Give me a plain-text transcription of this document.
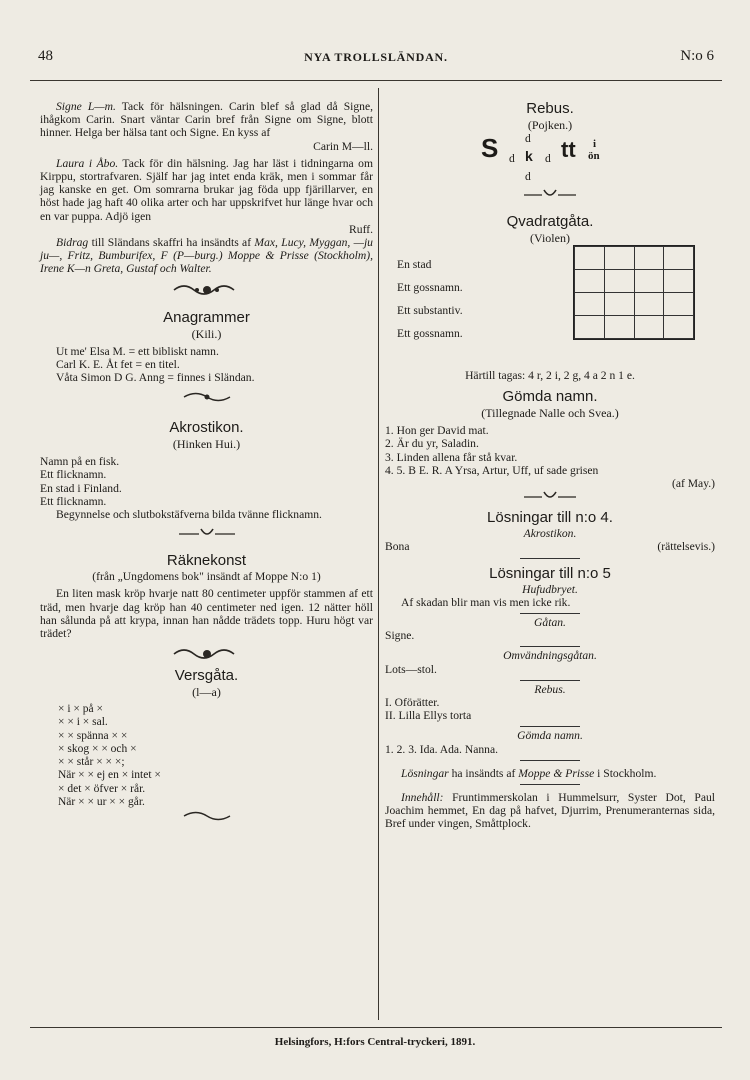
48	NYA TROLLSLÄNDAN.	N:o 6

Signe L—m. Tack för hälsningen. Carin blef så glad då Signe, ihågkom Carin. Snart väntar Carin bref från Signe om Signe, blott hinner. Helga ber hälsa tant och Signe. En kyss af

Carin M—ll.

Laura i Åbo. Tack för din hälsning. Jag har läst i tidningarna om Kirppu, stortrafvaren. Själf har jag intet enda kräk, men i sommar får jag kanske en get. Om somrarna brukar jag föda upp fjärillarver, en höst hade jag haft 40 olika arter och har uppskrifvet hur länge hvar och en var puppa. Adjö igen

Ruff.

Bidrag till Sländans skaffri ha insändts af Max, Lucy, Myggan, —ju ju—, Fritz, Bumburifex, F (P—burg.) Moppe & Prisse (Stockholm), Irene K—n Greta, Gustaf och Walter.

Anagrammer

(Kili.)

Ut me' Elsa M. = ett bibliskt namn.

Carl K. E. Åt fet = en titel.

Våta Simon D G. Anng = finnes i Sländan.

Akrostikon.

(Hinken Hui.)

Namn på en fisk.

Ett flicknamn.

En stad i Finland.

Ett flicknamn.

Begynnelse och slutbokstäfverna bilda tvänne flicknamn.

Räknekonst

(från „Ungdomens bok" insändt af Moppe N:o 1)

En liten mask kröp hvarje natt 80 centimeter uppför stammen af ett träd, men hvarje dag kröp han 40 centimeter ned igen. 12 nätter höll han sålunda på att krypa, innan han nådde trädets topp. Huru högt var trädet?

Versgåta.

(l—a)

× i × på ×

× × i × sal.

× × spänna × ×

× skog × × och ×

× × står × × ×;

När × × ej en × intet ×

× det × öfver × rår.

När × × ur × × går.

Rebus.

(Pojken.)

d
S d k d tt i
ön
d

Qvadratgåta.

(Violen)

En stad

Ett gossnamn.

Ett substantiv.

Ett gossnamn.

Härtill tagas: 4 r, 2 i, 2 g, 4 a 2 n 1 e.

Gömda namn.

(Tillegnade Nalle och Svea.)

1. Hon ger David mat.

2. Är du yr, Saladin.

3. Linden allena får stå kvar.

4. 5. B E. R. A Yrsa, Artur, Uff, uf sade grisen

(af May.)

Lösningar till n:o 4.

Akrostikon.

Bona	(rättelsevis.)

Lösningar till n:o 5

Hufudbryet.

Af skadan blir man vis men icke rik.

Gåtan.

Signe.

Omvändningsgåtan.

Lots—stol.

Rebus.

I. Oförätter.

II. Lilla Ellys torta

Gömda namn.

1. 2. 3. Ida. Ada. Nanna.

Lösningar ha insändts af Moppe & Prisse i Stockholm.

Innehåll: Fruntimmerskolan i Hummelsurr, Syster Dot, Paul Joachim hemmet, En dag på hafvet, Djurrim, Prenumeranternas sida, Bref under vingen, Småttplock.

Helsingfors, H:fors Central-tryckeri, 1891.
